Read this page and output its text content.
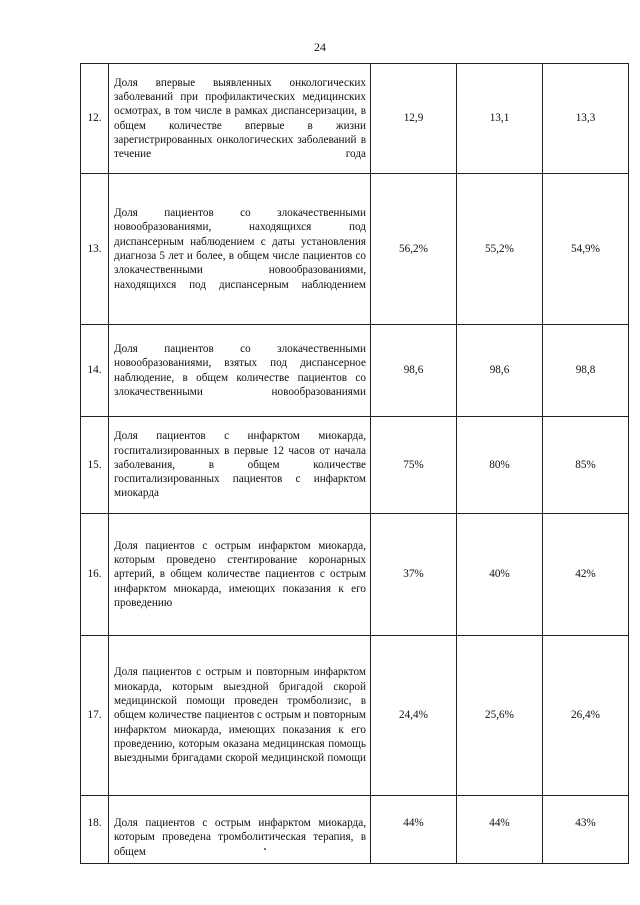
24
12.	Доля впервые выявленных онкологических заболеваний при профилактических медицинских осмотрах, в том числе в рамках диспансеризации, в общем количестве впервые в жизни зарегистрированных онкологических заболеваний в течение года	12,9	13,1	13,3
13.	Доля пациентов со злокачественными новообразованиями, находящихся под диспансерным наблюдением с даты установления диагноза 5 лет и более, в общем числе пациентов со злокачественными новообразованиями, находящихся под диспансерным наблюдением	56,2%	55,2%	54,9%
14.	Доля пациентов со злокачественными новообразованиями, взятых под диспансерное наблюдение, в общем количестве пациентов со злокачественными новообразованиями	98,6	98,6	98,8
15.	Доля пациентов с инфарктом миокарда, госпитализированных в первые 12 часов от начала заболевания, в общем количестве госпитализированных пациентов с инфарктом миокарда	75%	80%	85%
16.	Доля пациентов с острым инфарктом миокарда, которым проведено стентирование коронарных артерий, в общем количестве пациентов с острым инфарктом миокарда, имеющих показания к его проведению	37%	40%	42%
17.	Доля пациентов с острым и повторным инфарктом миокарда, которым выездной бригадой скорой медицинской помощи проведен тромболизис, в общем количестве пациентов с острым и повторным инфарктом миокарда, имеющих показания к его проведению, которым оказана медицинская помощь выездными бригадами скорой медицинской помощи	24,4%	25,6%	26,4%
18.	Доля пациентов с острым инфарктом миокарда, которым проведена тромболитическая терапия, в общем	44%	44%	43%
